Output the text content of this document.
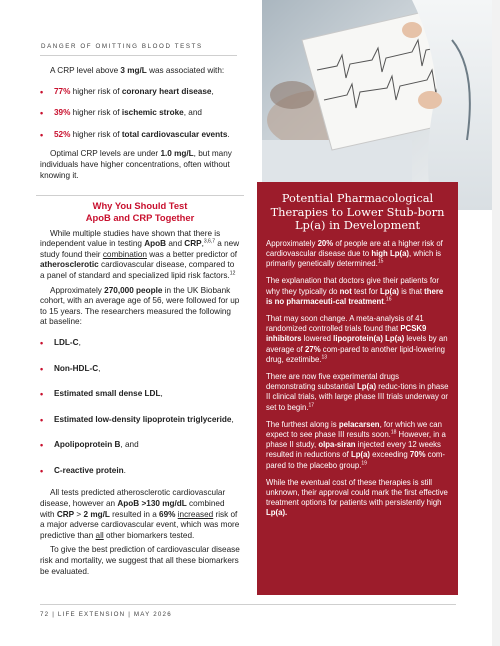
DANGER OF OMITTING BLOOD TESTS

A CRP level above 3 mg/L was associated with:

•	77% higher risk of coronary heart disease,
•	39% higher risk of ischemic stroke, and
•	52% higher risk of total cardiovascular events.

Optimal CRP levels are under 1.0 mg/L, but many individuals have higher concentrations, often without knowing it.

Why You Should Test
ApoB and CRP Together

While multiple studies have shown that there is independent value in testing ApoB and CRP,$^{3,6,7}$ a new study found their combination was a better predictor of atherosclerotic cardiovascular disease, compared to a panel of standard and specialized lipid risk factors.$^{12}$

Approximately 270,000 people in the UK Biobank cohort, with an average age of 56, were followed for up to 15 years. The researchers measured the following at baseline:

•	LDL-C,
•	Non-HDL-C,
•	Estimated small dense LDL,
•	Estimated low-density lipoprotein triglyceride,
•	Apolipoprotein B, and
•	C-reactive protein.

All tests predicted atherosclerotic cardiovascular disease, however an ApoB >130 mg/dL combined with CRP > 2 mg/L resulted in a 69% increased risk of a major adverse cardiovascular event, which was more predictive than all other biomarkers tested.

To give the best prediction of cardiovascular disease risk and mortality, we suggest that all these biomarkers be evaluated.

Potential Pharmacological Therapies to Lower Stub-born Lp(a) in Development

Approximately 20% of people are at a higher risk of cardiovascular disease due to high Lp(a), which is primarily genetically determined.$^{15}$

The explanation that doctors give their patients for why they typically do not test for Lp(a) is that there is no pharmaceuti-cal treatment.$^{16}$

That may soon change. A meta-analysis of 41 randomized controlled trials found that PCSK9 inhibitors lowered lipoprotein(a) Lp(a) levels by an average of 27% com-pared to another lipid-lowering drug, ezetimibe.$^{13}$

There are now five experimental drugs demonstrating substantial Lp(a) reduc-tions in phase II clinical trials, with large phase III trials underway or set to begin.$^{17}$

The furthest along is pelacarsen, for which we can expect to see phase III results soon.$^{18}$ However, in a phase II study, olpa-siran injected every 12 weeks resulted in reductions of Lp(a) exceeding 70% com-pared to the placebo group.$^{19}$

While the eventual cost of these therapies is still unknown, their approval could mark the first effective treatment options for patients with persistently high Lp(a).

72 | LIFE EXTENSION | MAY 2026
